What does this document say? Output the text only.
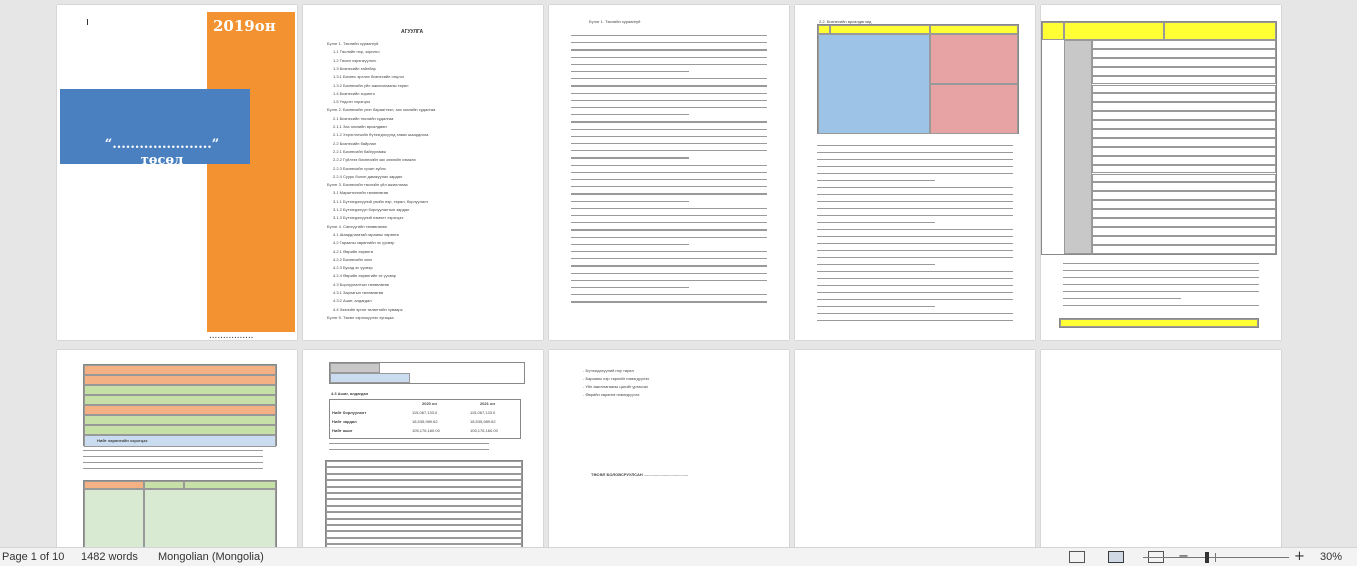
2019он
“......................”
төсөл
................
АГУУЛГА
Бүлэг 1. Төслийн хураангуй
1.1 Төслийн нэр, зорилго
1.2 Төсөл хэрэгжүүлэгч
1.3 Бизнесийн тайлбар
1.3.1 Бизнес эрхлэх бизнесийн онцлог
1.3.2 Бизнесийн үйл ажиллагааны төрөл
1.4 Бизнесийн зорилго
1.5 Үндсэн хэрэгцээ
Бүлэг 2. Бизнесийн үнэт бараа/тээл, зах зээлийн судалгаа
2.1 Бизнесийн төслийн судалгаа
2.1.1 Зах зээлийн өрсөлдөөн
2.1.2 Хэрэглэгчийн бүтээгдэхүүнд тавих шаардлага
2.2 Бизнесийн байрлал
2.2.1 Бизнесийн байгууламж
2.2.2 Гүйлгээ бизнесийн зах зээлийн хэмжээ
2.2.3 Бизнесийн хүчин зүйлс
2.2.4 Суурь болон дамжуулах зардал
Бүлэг 3. Бизнесийн төслийн үйл ажиллагаа
3.1 Маркетингийн төлөвлөгөө
3.1.1 Бүтээгдэхүүний үнийн нэр, төрөл, борлуулалт
3.1.2 Бүтээгдэхүүн борлуулалтын зардал
3.1.3 Бүтээгдэхүүний нэмэлт хэрэгцээ
Бүлэг 4. Санхүүгийн төлөвлөгөө
4.1 Шаардлагатай гарааны хөрөнгө
4.2 Гарааны хөрөнгийн эх үүсвэр
4.2.1 Өөрийн хөрөнгө
4.2.2 Бизнесийн зээл
4.2.3 Бусад эх үүсвэр
4.2.4 Өөрийн хөрөнгийн эх үүсвэр
4.3 Борлуулалтын төлөвлөгөө
4.3.1 Зарлагын төлөвлөгөө
4.3.2 Ашиг, алдагдал
4.4 Зээлийн эргэн төлөлтийн хуваарь
Бүлэг 5. Төсөл хэрэгжүүлэх хугацаа
Бүлэг 1. Төслийн хураангуй	2.2. Бизнесийн өрсөлдөгчид
Нийт хөрөнгийн хэрэгцээ
4.3 Ашиг, алдагдал
2020 он	2021 он
Нийт борлуулалт	115,067,133.0	115,067,133.0
Нийт зардал	18,535,989.62	18,535,989.62
Нийт ашиг	105,176,160.00	105,176,160.00
- Бүтээгдэхүүний нэр төрөл
- Барааны нэр төрлийг нэмэгдүүлэх
- Үйл ажиллагааны цагийг уртасгах
- Өөрийн хөрөнгө нэмэгдүүлэх
ТӨСӨЛ БОЛОВСРУУЛСАН ........................................
Page 1 of 10 1482 words Mongolian (Mongolia)	+ 30%
